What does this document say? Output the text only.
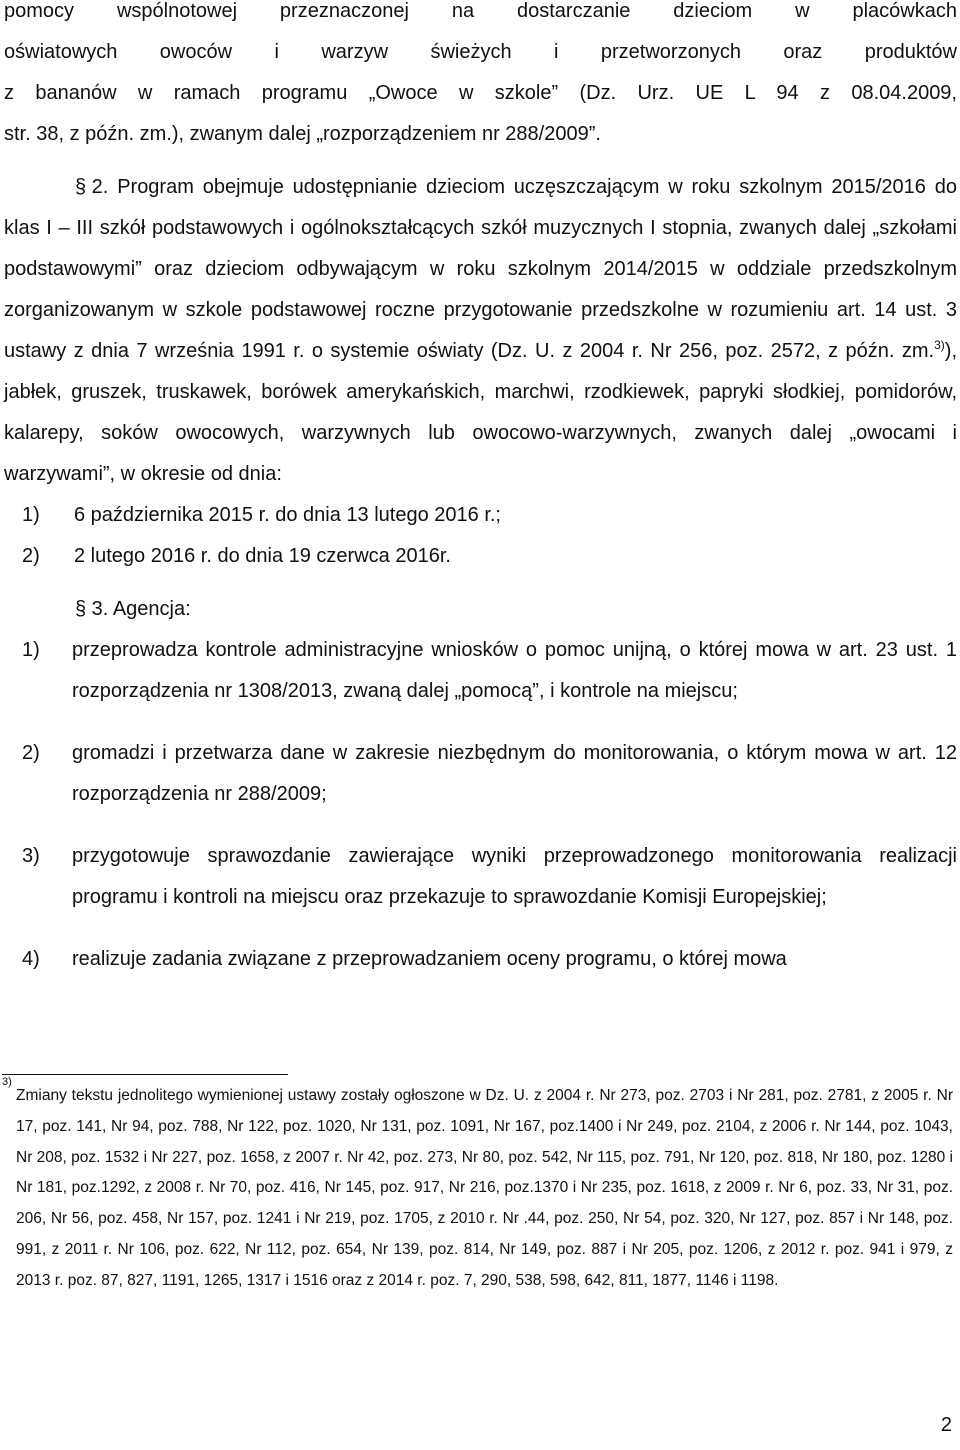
pomocy wspólnotowej przeznaczonej na dostarczanie dzieciom w placówkach

oświatowych owoców i warzyw świeżych i przetworzonych oraz produktów

z bananów w ramach programu „Owoce w szkole” (Dz. Urz. UE L 94 z 08.04.2009,

str. 38, z późn. zm.), zwanym dalej „rozporządzeniem nr 288/2009”.

§ 2. Program obejmuje udostępnianie dzieciom uczęszczającym w roku szkolnym 2015/2016 do klas I – III szkół podstawowych i ogólnokształcących szkół muzycznych I stopnia, zwanych dalej „szkołami podstawowymi” oraz dzieciom odbywającym w roku szkolnym 2014/2015 w oddziale przedszkolnym zorganizowanym w szkole podstawowej roczne przygotowanie przedszkolne w rozumieniu art. 14 ust. 3 ustawy z dnia 7 września 1991 r. o systemie oświaty (Dz. U. z 2004 r. Nr 256, poz. 2572, z późn. zm.$^{3)}$), jabłek, gruszek, truskawek, borówek amerykańskich, marchwi, rzodkiewek, papryki słodkiej, pomidorów, kalarepy, soków owocowych, warzywnych lub owocowo-warzywnych, zwanych dalej „owocami i warzywami”, w okresie od dnia:

1)	6 października 2015 r. do dnia 13 lutego 2016 r.;
2)	2 lutego 2016 r. do dnia 19 czerwca 2016r.
§ 3. Agencja:
1)	przeprowadza kontrole administracyjne wniosków o pomoc unijną, o której mowa w art. 23 ust. 1 rozporządzenia nr 1308/2013, zwaną dalej „pomocą”, i kontrole na miejscu;
2)	gromadzi i przetwarza dane w zakresie niezbędnym do monitorowania, o którym mowa w art. 12 rozporządzenia nr 288/2009;
3)	przygotowuje sprawozdanie zawierające wyniki przeprowadzonego monitorowania realizacji programu i kontroli na miejscu oraz przekazuje to sprawozdanie Komisji Europejskiej;
4)	realizuje zadania związane z przeprowadzaniem oceny programu, o której mowa
3)
Zmiany tekstu jednolitego wymienionej ustawy zostały ogłoszone w Dz. U. z 2004 r. Nr 273, poz. 2703 i Nr 281, poz. 2781, z 2005 r. Nr 17, poz. 141, Nr 94, poz. 788, Nr 122, poz. 1020, Nr 131, poz. 1091, Nr 167, poz.1400 i Nr 249, poz. 2104, z 2006 r. Nr 144, poz. 1043, Nr 208, poz. 1532 i Nr 227, poz. 1658, z 2007 r. Nr 42, poz. 273, Nr 80, poz. 542, Nr 115, poz. 791, Nr 120, poz. 818, Nr 180, poz. 1280 i Nr 181, poz.1292, z 2008 r. Nr 70, poz. 416, Nr 145, poz. 917, Nr 216, poz.1370 i Nr 235, poz. 1618, z 2009 r. Nr 6, poz. 33, Nr 31, poz. 206, Nr 56, poz. 458, Nr 157, poz. 1241 i Nr 219, poz. 1705, z 2010 r. Nr .44, poz. 250, Nr 54, poz. 320, Nr 127, poz. 857 i Nr 148, poz. 991, z 2011 r. Nr 106, poz. 622, Nr 112, poz. 654, Nr 139, poz. 814, Nr 149, poz. 887 i Nr 205, poz. 1206, z 2012 r. poz. 941 i 979, z 2013 r. poz. 87, 827, 1191, 1265, 1317 i 1516 oraz z 2014 r. poz. 7, 290, 538, 598, 642, 811, 1877, 1146 i 1198.
2
